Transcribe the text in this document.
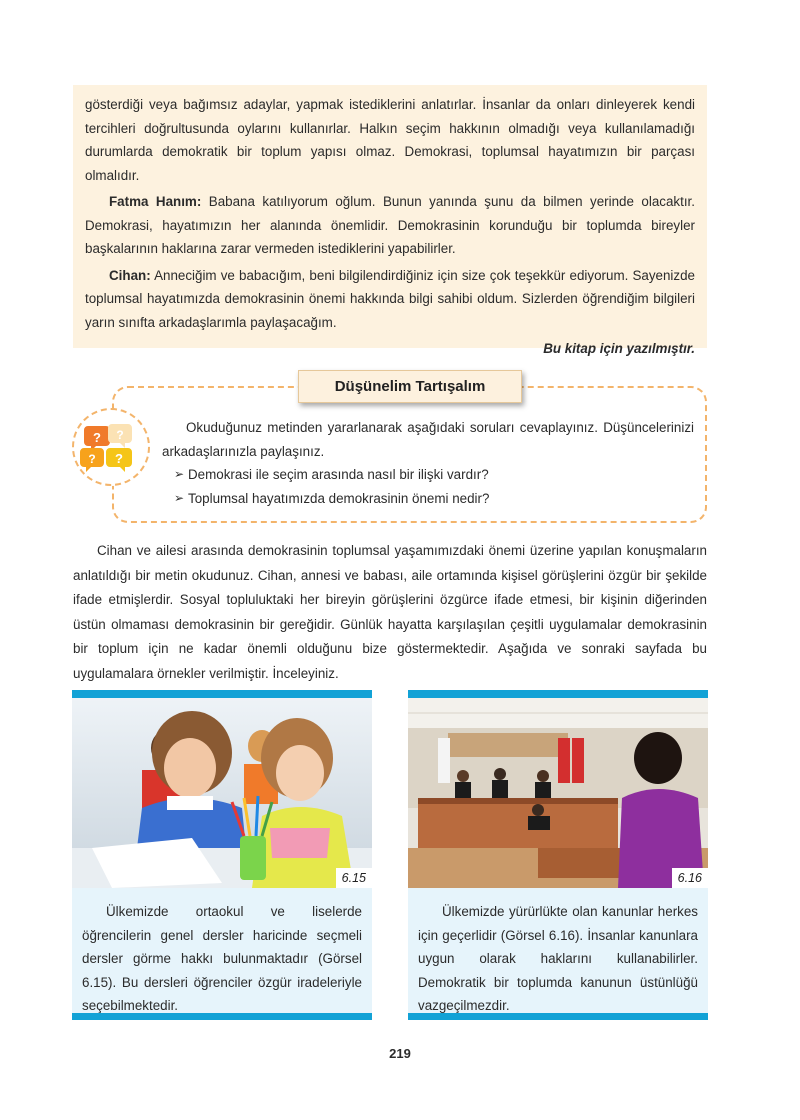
gösterdiği veya bağımsız adaylar, yapmak istediklerini anlatırlar. İnsanlar da onları dinleyerek kendi tercihleri doğrultusunda oylarını kullanırlar. Halkın seçim hakkının olmadığı veya kullanılamadığı durumlarda demokratik bir toplum yapısı olmaz. Demokrasi, toplumsal hayatımızın bir parçası olmalıdır.

Fatma Hanım: Babana katılıyorum oğlum. Bunun yanında şunu da bilmen yerinde olacaktır. Demokrasi, hayatımızın her alanında önemlidir. Demokrasinin korunduğu bir toplumda bireyler başkalarının haklarına zarar vermeden istediklerini yapabilirler.

Cihan: Anneciğim ve babacığım, beni bilgilendirdiğiniz için size çok teşekkür ediyorum. Sayenizde toplumsal hayatımızda demokrasinin önemi hakkında bilgi sahibi oldum. Sizlerden öğrendiğim bilgileri yarın sınıfta arkadaşlarımla paylaşacağım.

Bu kitap için yazılmıştır.

Düşünelim Tartışalım
? ?
? ?

Okuduğunuz metinden yararlanarak aşağıdaki soruları cevaplayınız. Düşüncelerinizi arkadaşlarınızla paylaşınız.

➢ Demokrasi ile seçim arasında nasıl bir ilişki vardır?

➢ Toplumsal hayatımızda demokrasinin önemi nedir?

Cihan ve ailesi arasında demokrasinin toplumsal yaşamımızdaki önemi üzerine yapılan konuşmaların anlatıldığı bir metin okudunuz. Cihan, annesi ve babası, aile ortamında kişisel görüşlerini özgür bir şekilde ifade etmişlerdir. Sosyal topluluktaki her bireyin görüşlerini özgürce ifade etmesi, bir kişinin diğerinden üstün olmaması demokrasinin bir gereğidir. Günlük hayatta karşılaşılan çeşitli uygulamalar demokrasinin bir toplum için ne kadar önemli olduğunu bize göstermektedir. Aşağıda ve sonraki sayfada bu uygulamalara örnekler verilmiştir. İnceleyiniz.

6.15

Ülkemizde ortaokul ve liselerde öğrencilerin genel dersler haricinde seçmeli dersler görme hakkı bulunmaktadır (Görsel 6.15). Bu dersleri öğrenciler özgür iradeleriyle seçebilmektedir.

6.16

Ülkemizde yürürlükte olan kanunlar herkes için geçerlidir (Görsel 6.16). İnsanlar kanunlara uygun olarak haklarını kullanabilirler. Demokratik bir toplumda kanunun üstünlüğü vazgeçilmezdir.

219
